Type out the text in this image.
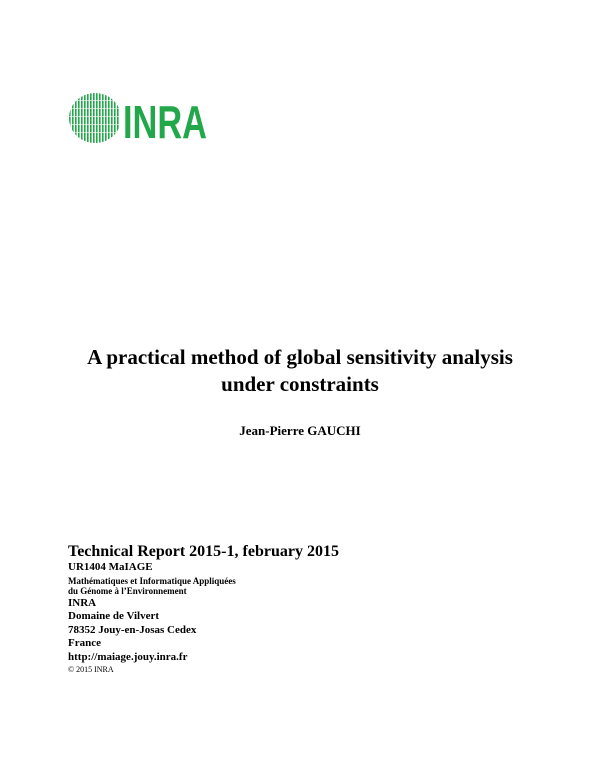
INRA
A practical method of global sensitivity analysis
under constraints
Jean-Pierre GAUCHI
Technical Report 2015-1, february 2015
UR1404 MaIAGE
Mathématiques et Informatique Appliquées
du Génome à l’Environnement
INRA
Domaine de Vilvert
78352 Jouy-en-Josas Cedex
France
http://maiage.jouy.inra.fr
© 2015 INRA
